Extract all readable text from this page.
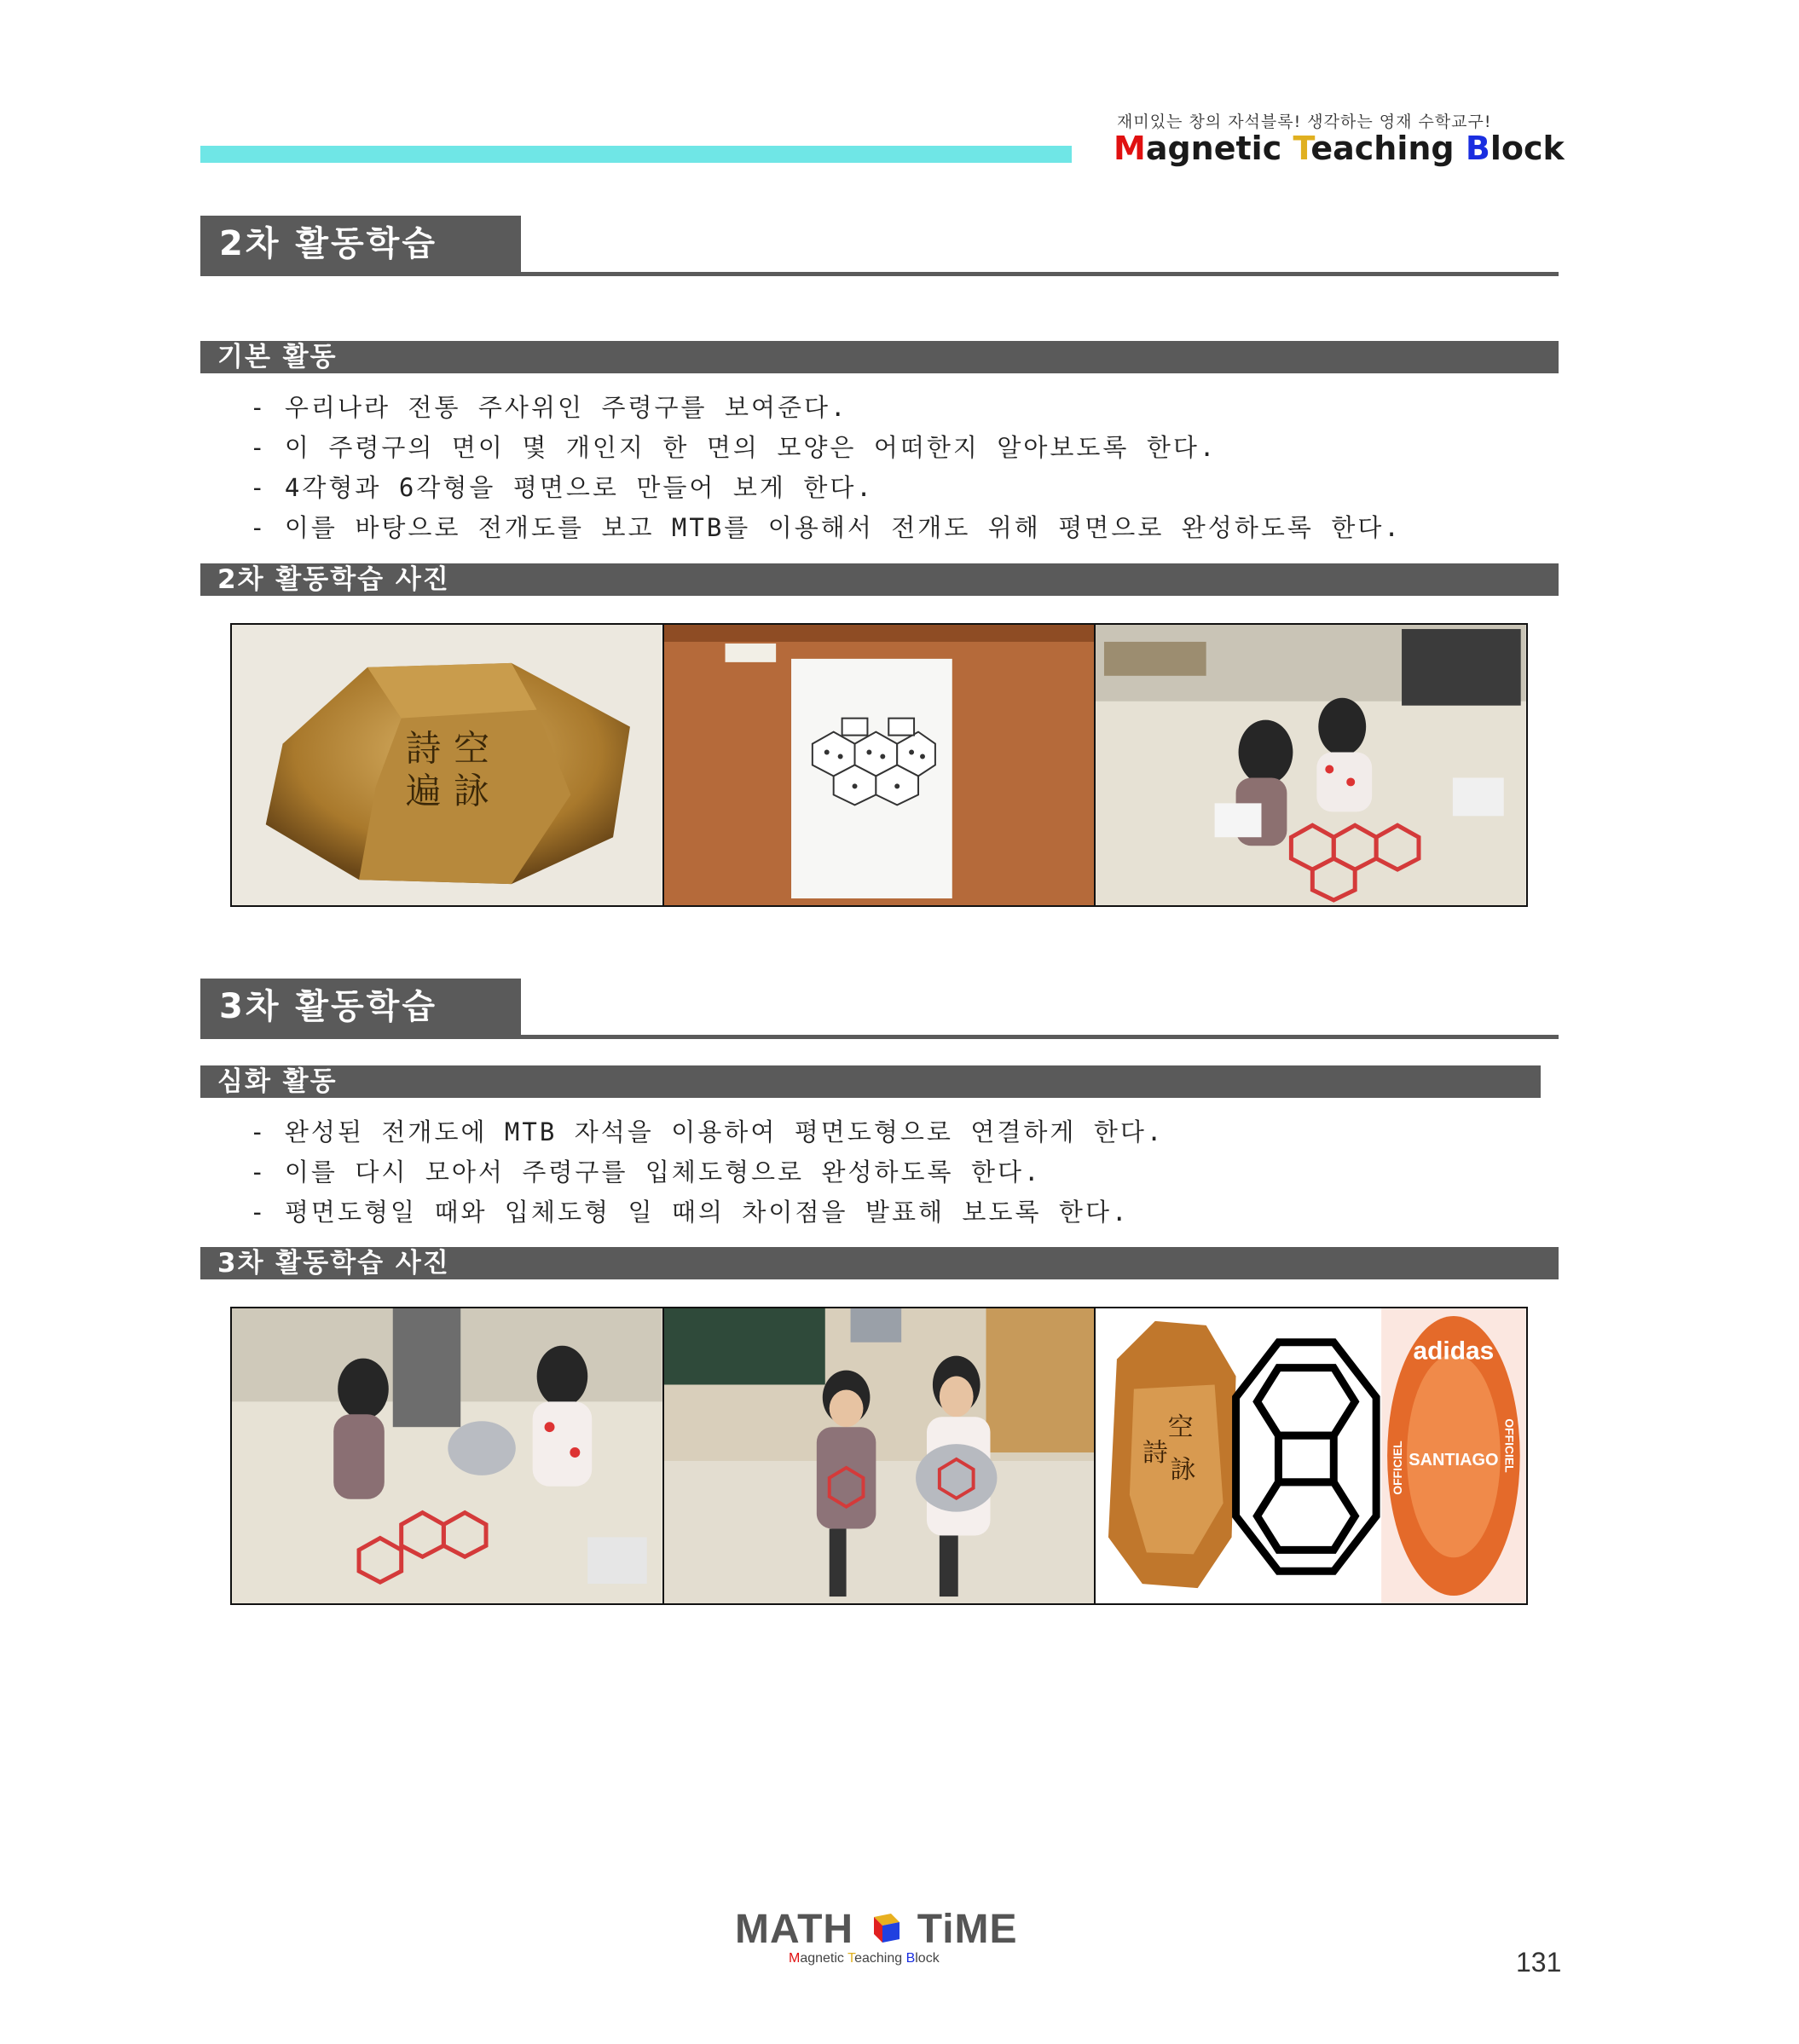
재미있는 창의 자석블록! 생각하는 영재 수학교구!
Magnetic Teaching Block
2차 활동학습
기본 활동
- 우리나라 전통 주사위인 주령구를 보여준다.
- 이 주령구의 면이 몇 개인지 한 면의 모양은 어떠한지 알아보도록 한다.
- 4각형과 6각형을 평면으로 만들어 보게 한다.
- 이를 바탕으로 전개도를 보고 MTB를 이용해서 전개도 위해 평면으로 완성하도록 한다.
2차 활동학습 사진
詩 空
遍 詠
3차 활동학습
심화 활동
- 완성된 전개도에 MTB 자석을 이용하여 평면도형으로 연결하게 한다.
- 이를 다시 모아서 주령구를 입체도형으로 완성하도록 한다.
- 평면도형일 때와 입체도형 일 때의 차이점을 발표해 보도록 한다.
3차 활동학습 사진
空
詩
詠
adidas
SANTIAGO
OFFICIEL	OFFICIEL
MATH TiME
Magnetic Teaching Block	131
